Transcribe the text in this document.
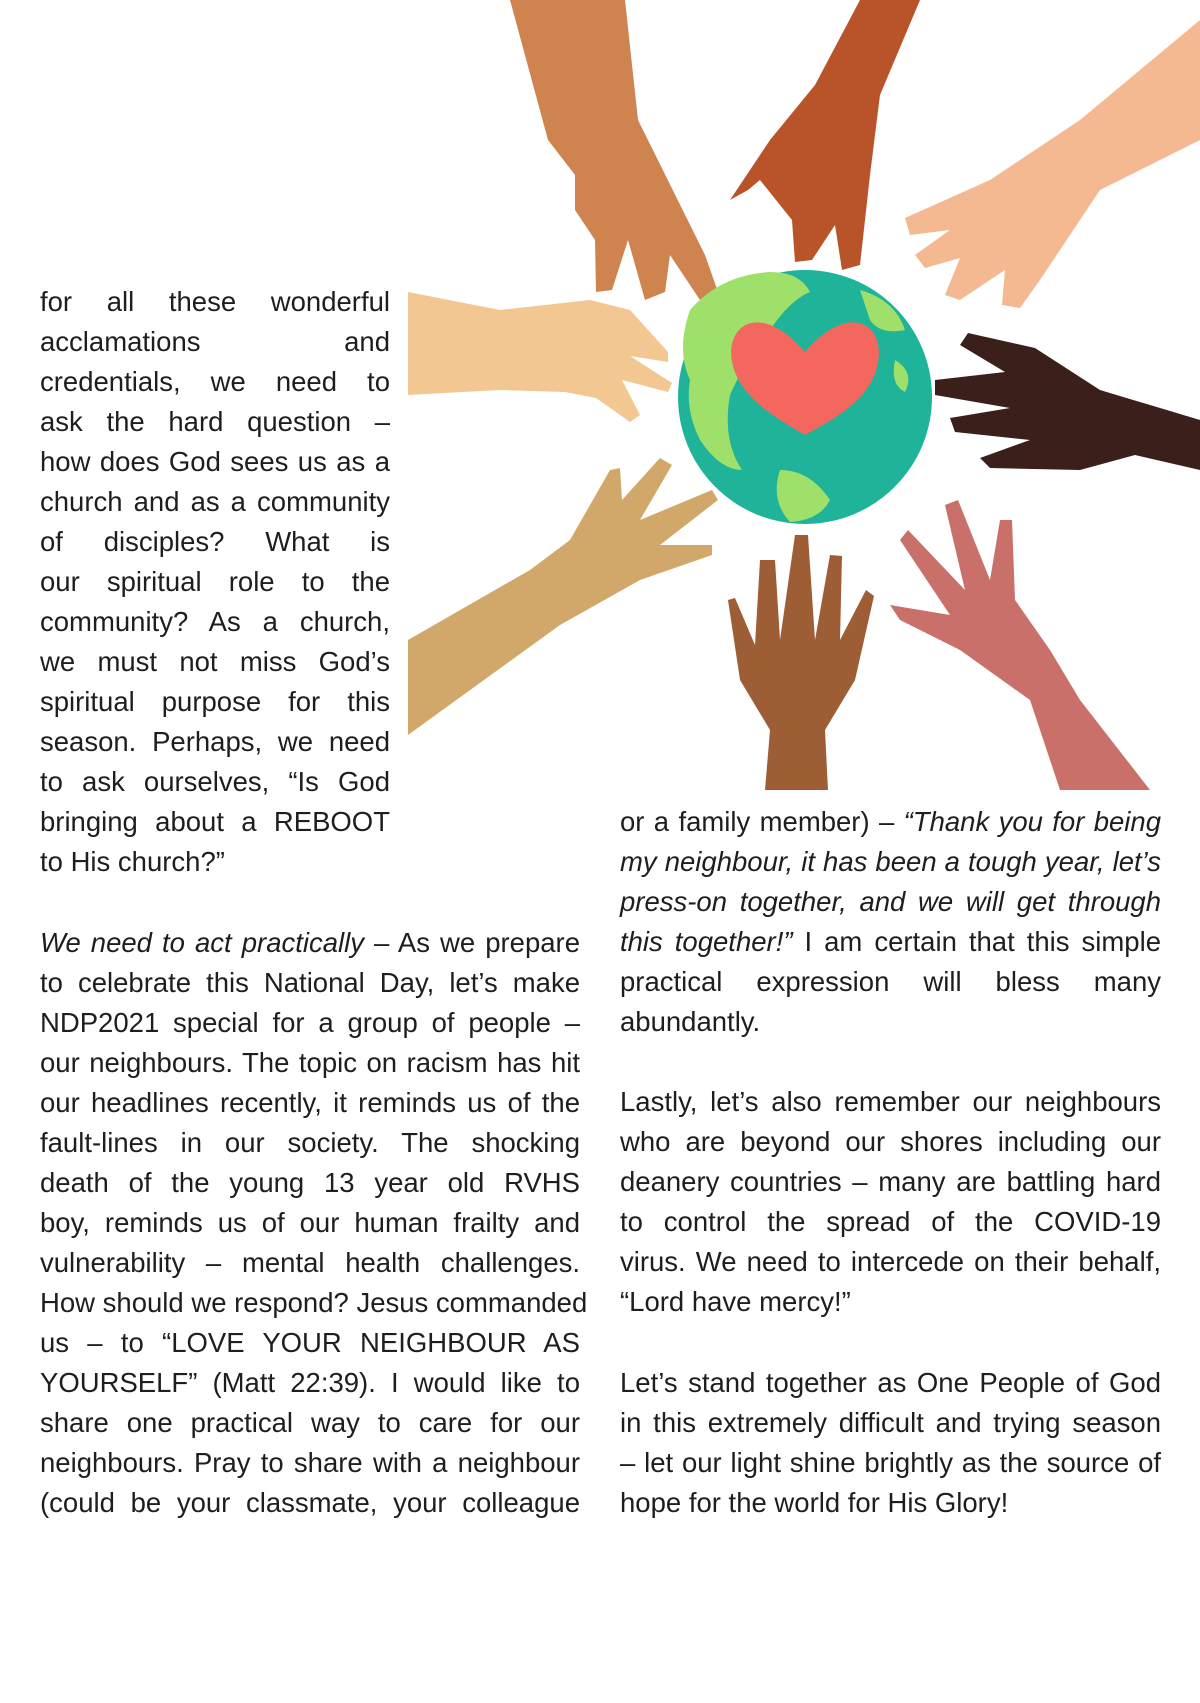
for all these wonderful
acclamations and
credentials, we need to
ask the hard question –
how does God sees us as a
church and as a community
of disciples? What is
our spiritual role to the
community? As a church,
we must not miss God’s
spiritual purpose for this
season. Perhaps, we need
to ask ourselves, “Is God
bringing about a REBOOT
to His church?”
We need to act practically – As we prepare
to celebrate this National Day, let’s make
NDP2021 special for a group of people –
our neighbours. The topic on racism has hit
our headlines recently, it reminds us of the
fault-lines in our society. The shocking
death of the young 13 year old RVHS
boy, reminds us of our human frailty and
vulnerability – mental health challenges.
How should we respond? Jesus commanded
us – to “LOVE YOUR NEIGHBOUR AS
YOURSELF” (Matt 22:39). I would like to
share one practical way to care for our
neighbours. Pray to share with a neighbour
(could be your classmate, your colleague
or a family member) – “Thank you for being
my neighbour, it has been a tough year, let’s
press-on together, and we will get through
this together!” I am certain that this simple
practical expression will bless many
abundantly.
Lastly, let’s also remember our neighbours
who are beyond our shores including our
deanery countries – many are battling hard
to control the spread of the COVID-19
virus. We need to intercede on their behalf,
“Lord have mercy!”
Let’s stand together as One People of God
in this extremely difficult and trying season
– let our light shine brightly as the source of
hope for the world for His Glory!
